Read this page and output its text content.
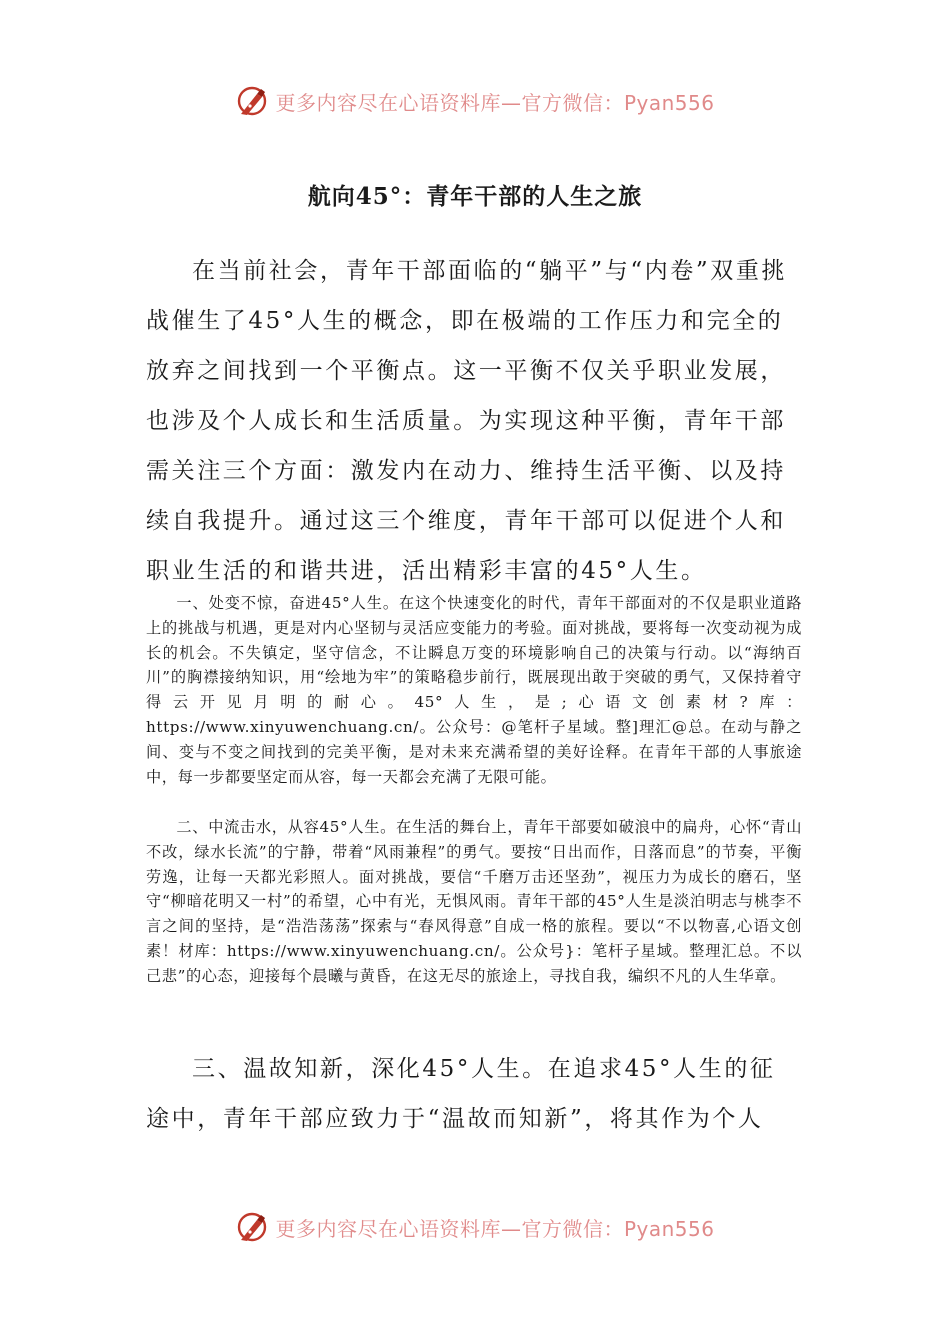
更多内容尽在心语资料库—官方微信：Pyan556
航向45°：青年干部的人生之旅

在当前社会，青年干部面临的“躺平”与“内卷”双重挑战催生了45°人生的概念，即在极端的工作压力和完全的放弃之间找到一个平衡点。这一平衡不仅关乎职业发展，也涉及个人成长和生活质量。为实现这种平衡，青年干部需关注三个方面：激发内在动力、维持生活平衡、以及持续自我提升。通过这三个维度，青年干部可以促进个人和职业生活的和谐共进，活出精彩丰富的45°人生。

一、处变不惊，奋进45°人生。在这个快速变化的时代，青年干部面对的不仅是职业道路上的挑战与机遇，更是对内心坚韧与灵活应变能力的考验。面对挑战，要将每一次变动视为成长的机会。不失镇定，坚守信念，不让瞬息万变的环境影响自己的决策与行动。以“海纳百川”的胸襟接纳知识，用“绘地为牢”的策略稳步前行，既展现出敢于突破的勇气，又保持着守得云开见月明的耐心。45°人生，是;心语文创素材?库：https://www.xinyuwenchuang.cn/。公众号：@笔杆子星域。整]理汇@总。在动与静之间、变与不变之间找到的完美平衡，是对未来充满希望的美好诠释。在青年干部的人事旅途中，每一步都要坚定而从容，每一天都会充满了无限可能。

二、中流击水，从容45°人生。在生活的舞台上，青年干部要如破浪中的扁舟，心怀“青山不改，绿水长流”的宁静，带着“风雨兼程”的勇气。要按“日出而作，日落而息”的节奏，平衡劳逸，让每一天都光彩照人。面对挑战，要信“千磨万击还坚劲”，视压力为成长的磨石，坚守“柳暗花明又一村”的希望，心中有光，无惧风雨。青年干部的45°人生是淡泊明志与桃李不言之间的坚持，是“浩浩荡荡”探索与“春风得意”自成一格的旅程。要以“不以物喜,心语文创素！材库：https://www.xinyuwenchuang.cn/。公众号}：笔杆子星域。整理汇总。不以己悲”的心态，迎接每个晨曦与黄昏，在这无尽的旅途上，寻找自我，编织不凡的人生华章。

三、温故知新，深化45°人生。在追求45°人生的征途中，青年干部应致力于“温故而知新”，将其作为个人

更多内容尽在心语资料库—官方微信：Pyan556
